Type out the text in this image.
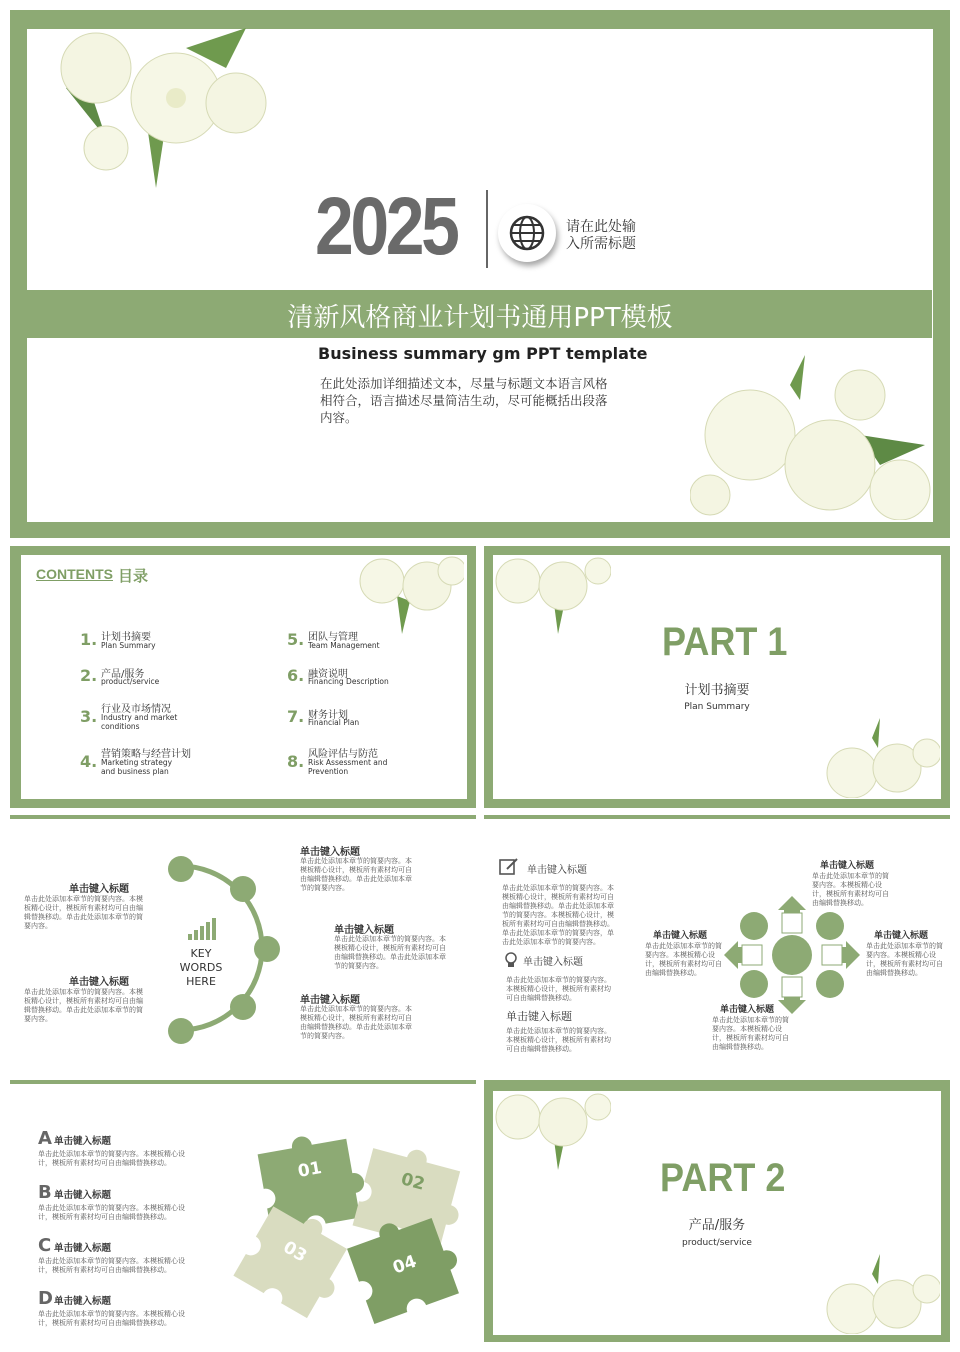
2025	请在此处输
入所需标题
清新风格商业计划书通用PPT模板
Business summary gm PPT template
在此处添加详细描述文本，尽量与标题文本语言风格
相符合，语言描述尽量简洁生动，尽可能概括出段落
内容。
CONTENTS 目录
1. 计划书摘要
Plan Summary
2. 产品/服务
product/service
3. 行业及市场情况
Industry and market
conditions
4. 营销策略与经营计划
Marketing strategy
and business plan
5. 团队与管理
Team Management
6. 融资说明
Financing Description
7. 财务计划
Financial Plan
8. 风险评估与防范
Risk Assessment and
Prevention
PART 1
计划书摘要
Plan Summary
KEY
WORDS
HERE
单击键入标题
单击此处添加本章节的简要内容。本模板精心设计，模板所有素材均可自由编辑替换移动。单击此处添加本章节的简要内容。
单击键入标题
单击此处添加本章节的简要内容。本模板精心设计，模板所有素材均可自由编辑替换移动。单击此处添加本章节的简要内容。
单击键入标题
单击此处添加本章节的简要内容。本模板精心设计，模板所有素材均可自由编辑替换移动。单击此处添加本章节的简要内容。
单击键入标题
单击此处添加本章节的简要内容。本模板精心设计，模板所有素材均可自由编辑替换移动。单击此处添加本章节的简要内容。
单击键入标题
单击此处添加本章节的简要内容。本模板精心设计，模板所有素材均可自由编辑替换移动。单击此处添加本章节的简要内容。
单击键入标题
单击此处添加本章节的简要内容。本模板精心设计，模板所有素材均可自由编辑替换移动。单击此处添加本章节的简要内容。本模板精心设计，模板所有素材均可自由编辑替换移动。单击此处添加本章节的简要内容，单击此处添加本章节的简要内容。
单击键入标题
单击此处添加本章节的简要内容。本模板精心设计，模板所有素材均可自由编辑替换移动。
单击键入标题
单击此处添加本章节的简要内容。本模板精心设计，模板所有素材均可自由编辑替换移动。
单击键入标题
单击此处添加本章节的简要内容。本模板精心设计，模板所有素材均可自由编辑替换移动。
单击键入标题
单击此处添加本章节的简要内容。本模板精心设计，模板所有素材均可自由编辑替换移动。
单击键入标题
单击此处添加本章节的简要内容。本模板精心设计，模板所有素材均可自由编辑替换移动。
单击键入标题
单击此处添加本章节的简要内容。本模板精心设计，模板所有素材均可自由编辑替换移动。
A 单击键入标题
单击此处添加本章节的简要内容。本模板精心设计，模板所有素材均可自由编辑替换移动。
B 单击键入标题
单击此处添加本章节的简要内容。本模板精心设计，模板所有素材均可自由编辑替换移动。
C 单击键入标题
单击此处添加本章节的简要内容。本模板精心设计，模板所有素材均可自由编辑替换移动。
D 单击键入标题
单击此处添加本章节的简要内容。本模板精心设计，模板所有素材均可自由编辑替换移动。
01	02
03	04
PART 2
产品/服务
product/service
